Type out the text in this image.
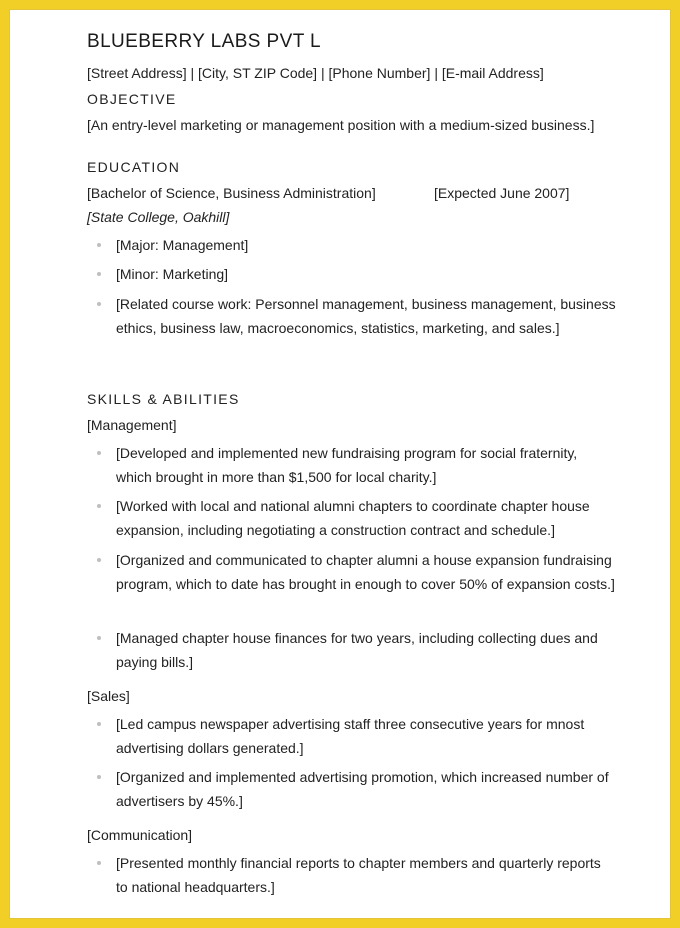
BLUEBERRY LABS PVT L
[Street Address] | [City, ST ZIP Code] | [Phone Number] | [E-mail Address]
OBJECTIVE
[An entry-level marketing or management position with a medium-sized business.]
EDUCATION
[Bachelor of Science, Business Administration]	[Expected June 2007]
[State College, Oakhill]
[Major: Management]
[Minor: Marketing]
[Related course work: Personnel management, business management, business ethics, business law, macroeconomics, statistics, marketing, and sales.]
SKILLS & ABILITIES
[Management]
[Developed and implemented new fundraising program for social fraternity, which brought in more than $1,500 for local charity.]
[Worked with local and national alumni chapters to coordinate chapter house expansion, including negotiating a construction contract and schedule.]
[Organized and communicated to chapter alumni a house expansion fundraising program, which to date has brought in enough to cover 50% of expansion costs.]
[Managed chapter house finances for two years, including collecting dues and paying bills.]
[Sales]
[Led campus newspaper advertising staff three consecutive years for mnost advertising dollars generated.]
[Organized and implemented advertising promotion, which increased number of advertisers by 45%.]
[Communication]
[Presented monthly financial reports to chapter members and quarterly reports to national headquarters.]
